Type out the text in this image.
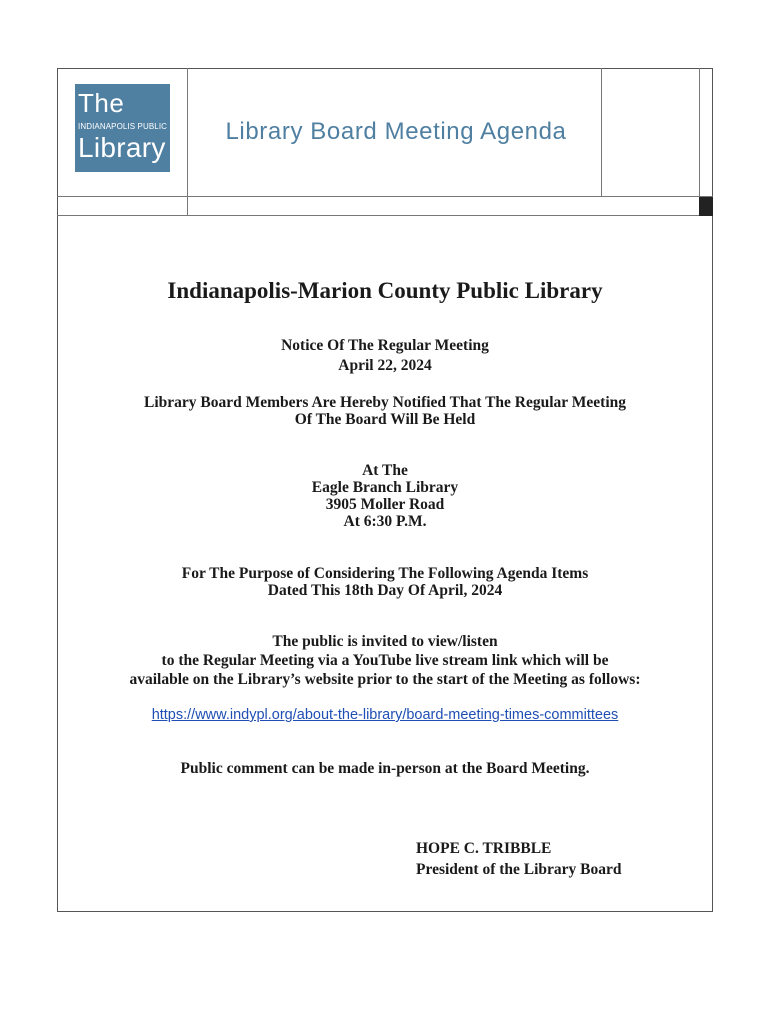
The
INDIANAPOLIS PUBLIC
Library
Library Board Meeting Agenda
Indianapolis-Marion County Public Library
Notice Of The Regular Meeting
April 22, 2024
Library Board Members Are Hereby Notified That The Regular Meeting
Of The Board Will Be Held
At The
Eagle Branch Library
3905 Moller Road
At 6:30 P.M.
For The Purpose of Considering The Following Agenda Items
Dated This 18th Day Of April, 2024
The public is invited to view/listen
to the Regular Meeting via a YouTube live stream link which will be
available on the Library’s website prior to the start of the Meeting as follows:
https://www.indypl.org/about-the-library/board-meeting-times-committees
Public comment can be made in-person at the Board Meeting.
HOPE C. TRIBBLE
President of the Library Board
